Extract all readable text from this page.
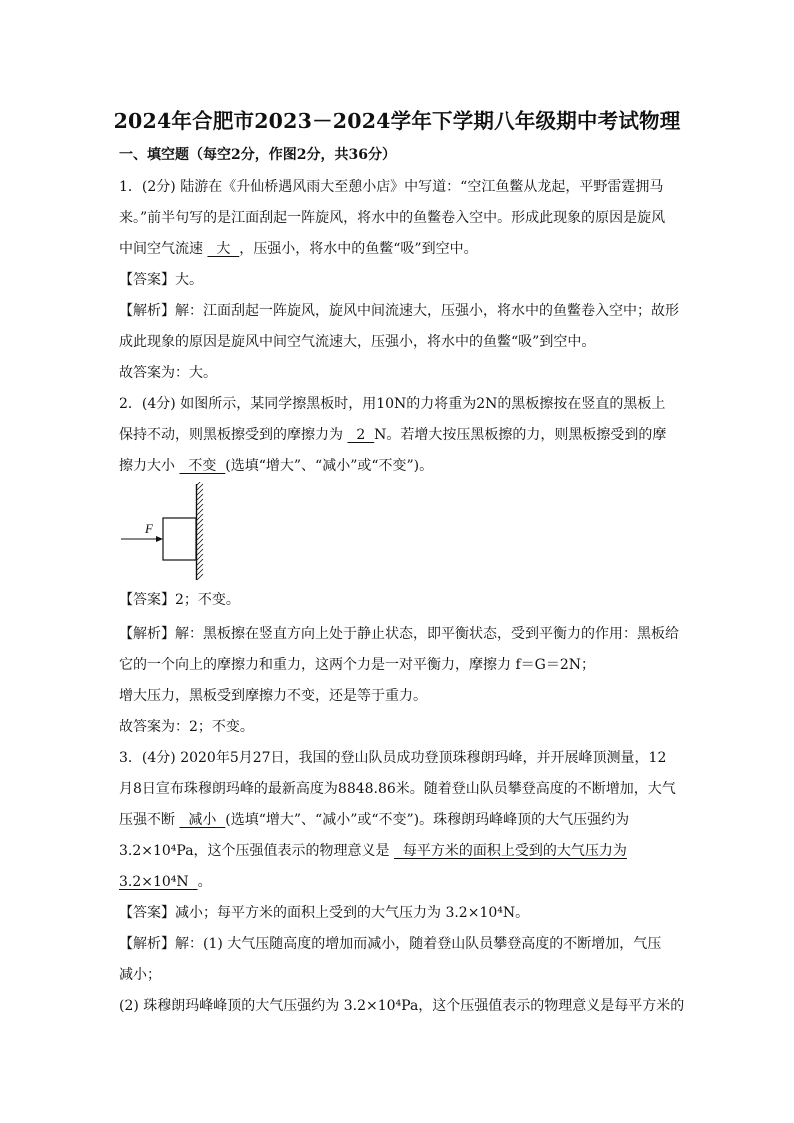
2024年合肥市2023－2024学年下学期八年级期中考试物理
一、填空题（每空2分，作图2分，共36分）
1．(2分) 陆游在《升仙桥遇风雨大至憩小店》中写道：“空江鱼鳖从龙起，平野雷霆拥马
来。”前半句写的是江面刮起一阵旋风，将水中的鱼鳖卷入空中。形成此现象的原因是旋风
中间空气流速   大  ，压强小，将水中的鱼鳖“吸”到空中。
【答案】大。
【解析】解：江面刮起一阵旋风，旋风中间流速大，压强小，将水中的鱼鳖卷入空中；故形
成此现象的原因是旋风中间空气流速大，压强小，将水中的鱼鳖“吸”到空中。
故答案为：大。
2．(4分) 如图所示，某同学擦黑板时，用10N的力将重为2N的黑板擦按在竖直的黑板上
保持不动，则黑板擦受到的摩擦力为   2  N。若增大按压黑板擦的力，则黑板擦受到的摩
擦力大小   不变  (选填“增大”、“减小”或“不变”)。
F
【答案】2；不变。
【解析】解：黑板擦在竖直方向上处于静止状态，即平衡状态，受到平衡力的作用：黑板给
它的一个向上的摩擦力和重力，这两个力是一对平衡力，摩擦力 f＝G＝2N；
增大压力，黑板受到摩擦力不变，还是等于重力。
故答案为：2；不变。
3．(4分) 2020年5月27日，我国的登山队员成功登顶珠穆朗玛峰，并开展峰顶测量，12
月8日宣布珠穆朗玛峰的最新高度为8848.86米。随着登山队员攀登高度的不断增加，大气
压强不断   减小  (选填“增大”、“减小”或“不变”)。珠穆朗玛峰峰顶的大气压强约为
3.2×10⁴Pa，这个压强值表示的物理意义是   每平方米的面积上受到的大气压力为
3.2×10⁴N  。
【答案】减小；每平方米的面积上受到的大气压力为 3.2×10⁴N。
【解析】解：(1) 大气压随高度的增加而减小，随着登山队员攀登高度的不断增加，气压
减小；
(2) 珠穆朗玛峰峰顶的大气压强约为 3.2×10⁴Pa，这个压强值表示的物理意义是每平方米的
